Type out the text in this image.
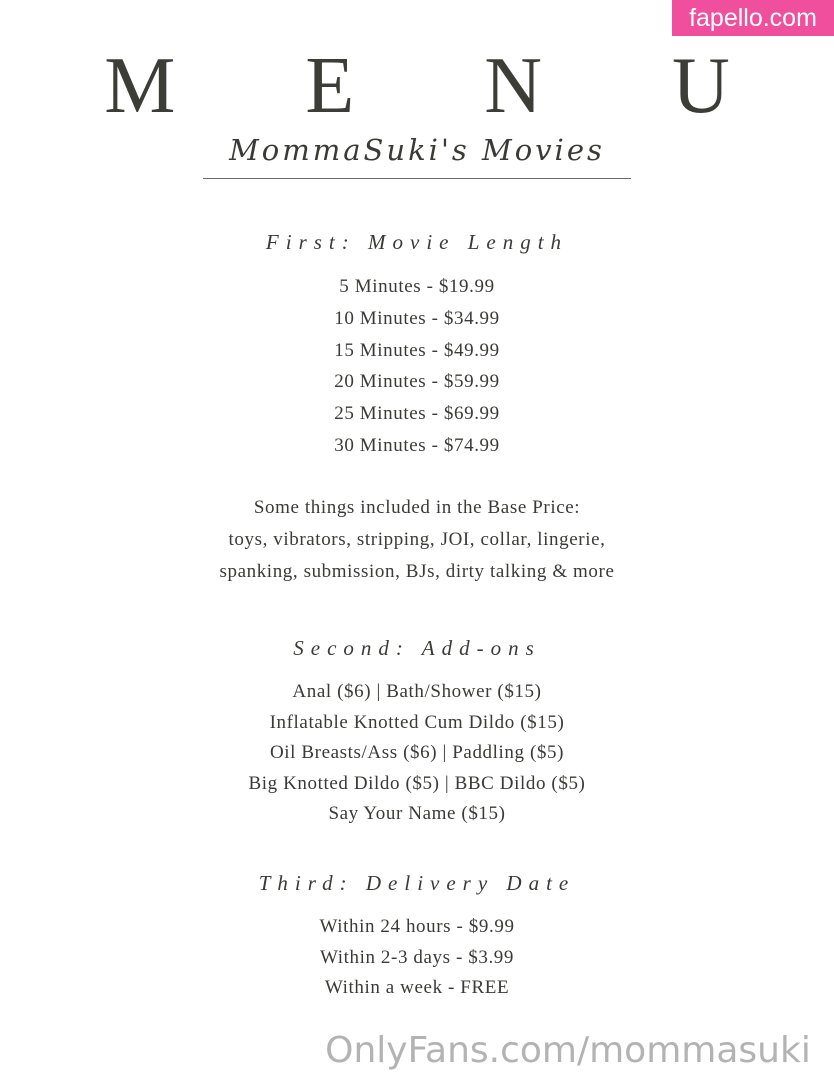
fapello.com
M E N U
MommaSuki's Movies
First: Movie Length
5 Minutes - $19.99
10 Minutes - $34.99
15 Minutes - $49.99
20 Minutes - $59.99
25 Minutes - $69.99
30 Minutes - $74.99
Some things included in the Base Price:
toys, vibrators, stripping, JOI, collar, lingerie,
spanking, submission, BJs, dirty talking & more
Second: Add-ons
Anal ($6) | Bath/Shower ($15)
Inflatable Knotted Cum Dildo ($15)
Oil Breasts/Ass ($6) | Paddling ($5)
Big Knotted Dildo ($5) | BBC Dildo ($5)
Say Your Name ($15)
Third: Delivery Date
Within 24 hours - $9.99
Within 2-3 days - $3.99
Within a week - FREE
OnlyFans.com/mommasuki
